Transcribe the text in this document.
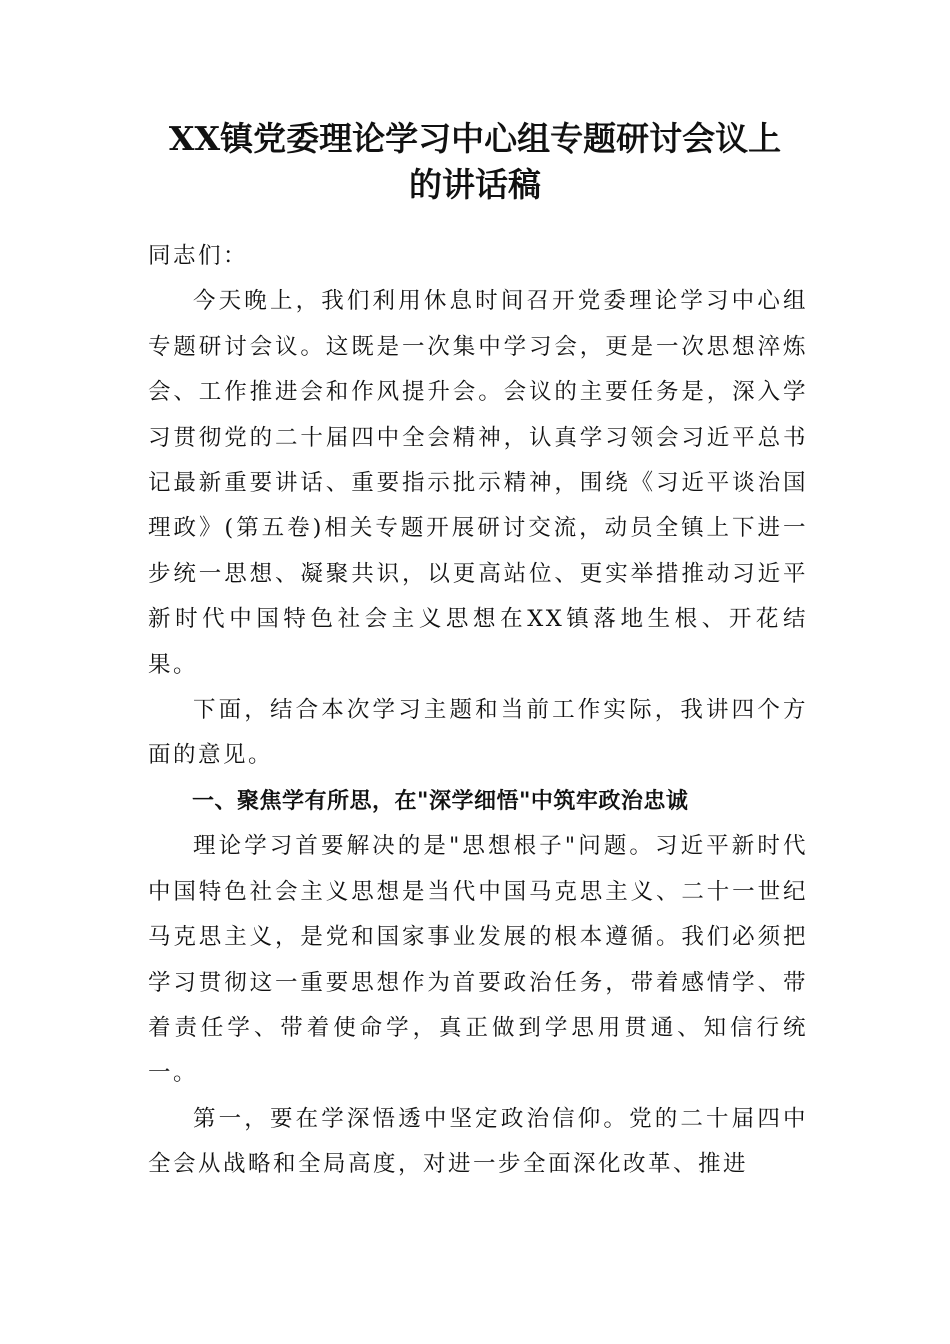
XX镇党委理论学习中心组专题研讨会议上
的讲话稿

同志们：

今天晚上，我们利用休息时间召开党委理论学习中心组专题研讨会议。这既是一次集中学习会，更是一次思想淬炼会、工作推进会和作风提升会。会议的主要任务是，深入学习贯彻党的二十届四中全会精神，认真学习领会习近平总书记最新重要讲话、重要指示批示精神，围绕《习近平谈治国理政》(第五卷)相关专题开展研讨交流，动员全镇上下进一步统一思想、凝聚共识，以更高站位、更实举措推动习近平新时代中国特色社会主义思想在XX镇落地生根、开花结果。

下面，结合本次学习主题和当前工作实际，我讲四个方面的意见。

一、聚焦学有所思，在"深学细悟"中筑牢政治忠诚

理论学习首要解决的是"思想根子"问题。习近平新时代中国特色社会主义思想是当代中国马克思主义、二十一世纪马克思主义，是党和国家事业发展的根本遵循。我们必须把学习贯彻这一重要思想作为首要政治任务，带着感情学、带着责任学、带着使命学，真正做到学思用贯通、知信行统一。

第一，要在学深悟透中坚定政治信仰。党的二十届四中全会从战略和全局高度，对进一步全面深化改革、推进
